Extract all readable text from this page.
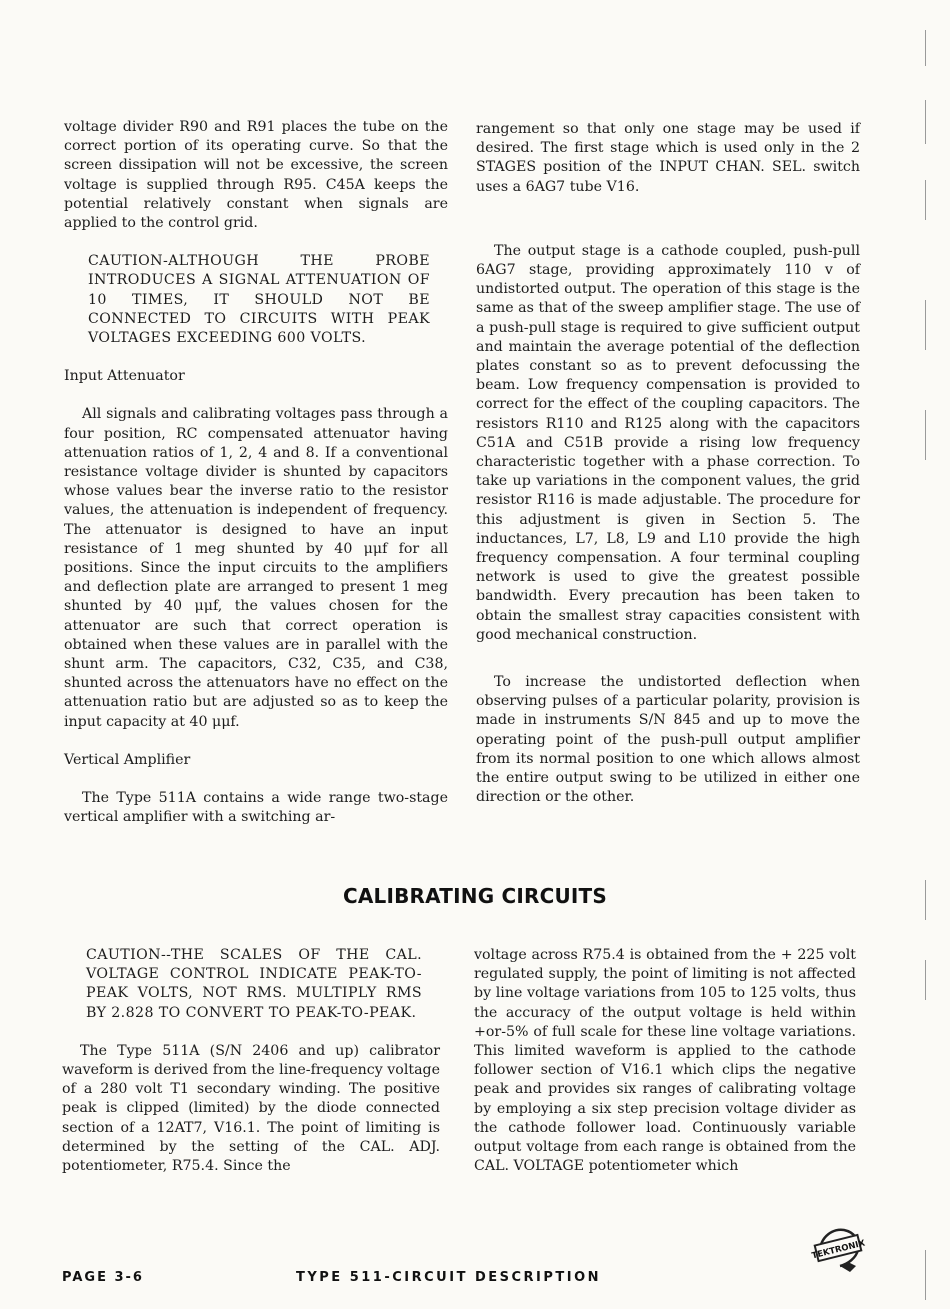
voltage divider R90 and R91 places the tube on the correct portion of its operating curve. So that the screen dissipation will not be excessive, the screen voltage is supplied through R95. C45A keeps the potential relatively constant when signals are applied to the control grid.

CAUTION-ALTHOUGH THE PROBE INTRODUCES A SIGNAL ATTENUATION OF 10 TIMES, IT SHOULD NOT BE CONNECTED TO CIRCUITS WITH PEAK VOLTAGES EXCEEDING 600 VOLTS.

Input Attenuator

All signals and calibrating voltages pass through a four position, RC compensated attenuator having attenuation ratios of 1, 2, 4 and 8. If a conventional resistance voltage divider is shunted by capacitors whose values bear the inverse ratio to the resistor values, the attenuation is independent of frequency. The attenuator is designed to have an input resistance of 1 meg shunted by 40 μμf for all positions. Since the input circuits to the amplifiers and deflection plate are arranged to present 1 meg shunted by 40 μμf, the values chosen for the attenuator are such that correct operation is obtained when these values are in parallel with the shunt arm. The capacitors, C32, C35, and C38, shunted across the attenuators have no effect on the attenuation ratio but are adjusted so as to keep the input capacity at 40 μμf.

Vertical Amplifier

The Type 511A contains a wide range two-stage vertical amplifier with a switching ar-

rangement so that only one stage may be used if desired. The first stage which is used only in the 2 STAGES position of the INPUT CHAN. SEL. switch uses a 6AG7 tube V16.

The output stage is a cathode coupled, push-pull 6AG7 stage, providing approximately 110 v of undistorted output. The operation of this stage is the same as that of the sweep amplifier stage. The use of a push-pull stage is required to give sufficient output and maintain the average potential of the deflection plates constant so as to prevent defocussing the beam. Low frequency compensation is provided to correct for the effect of the coupling capacitors. The resistors R110 and R125 along with the capacitors C51A and C51B provide a rising low frequency characteristic together with a phase correction. To take up variations in the component values, the grid resistor R116 is made adjustable. The procedure for this adjustment is given in Section 5. The inductances, L7, L8, L9 and L10 provide the high frequency compensation. A four terminal coupling network is used to give the greatest possible bandwidth. Every precaution has been taken to obtain the smallest stray capacities consistent with good mechanical construction.

To increase the undistorted deflection when observing pulses of a particular polarity, provision is made in instruments S/N 845 and up to move the operating point of the push-pull output amplifier from its normal position to one which allows almost the entire output swing to be utilized in either one direction or the other.

CALIBRATING CIRCUITS

CAUTION--THE SCALES OF THE CAL. VOLTAGE CONTROL INDICATE PEAK-TO-PEAK VOLTS, NOT RMS. MULTIPLY RMS BY 2.828 TO CONVERT TO PEAK-TO-PEAK.

The Type 511A (S/N 2406 and up) calibrator waveform is derived from the line-frequency voltage of a 280 volt T1 secondary winding. The positive peak is clipped (limited) by the diode connected section of a 12AT7, V16.1. The point of limiting is determined by the setting of the CAL. ADJ. potentiometer, R75.4. Since the

voltage across R75.4 is obtained from the + 225 volt regulated supply, the point of limiting is not affected by line voltage variations from 105 to 125 volts, thus the accuracy of the output voltage is held within +or-5% of full scale for these line voltage variations. This limited waveform is applied to the cathode follower section of V16.1 which clips the negative peak and provides six ranges of calibrating voltage by employing a six step precision voltage divider as the cathode follower load. Continuously variable output voltage from each range is obtained from the CAL. VOLTAGE potentiometer which

TEKTRONIX
PAGE 3-6	TYPE 511-CIRCUIT DESCRIPTION
